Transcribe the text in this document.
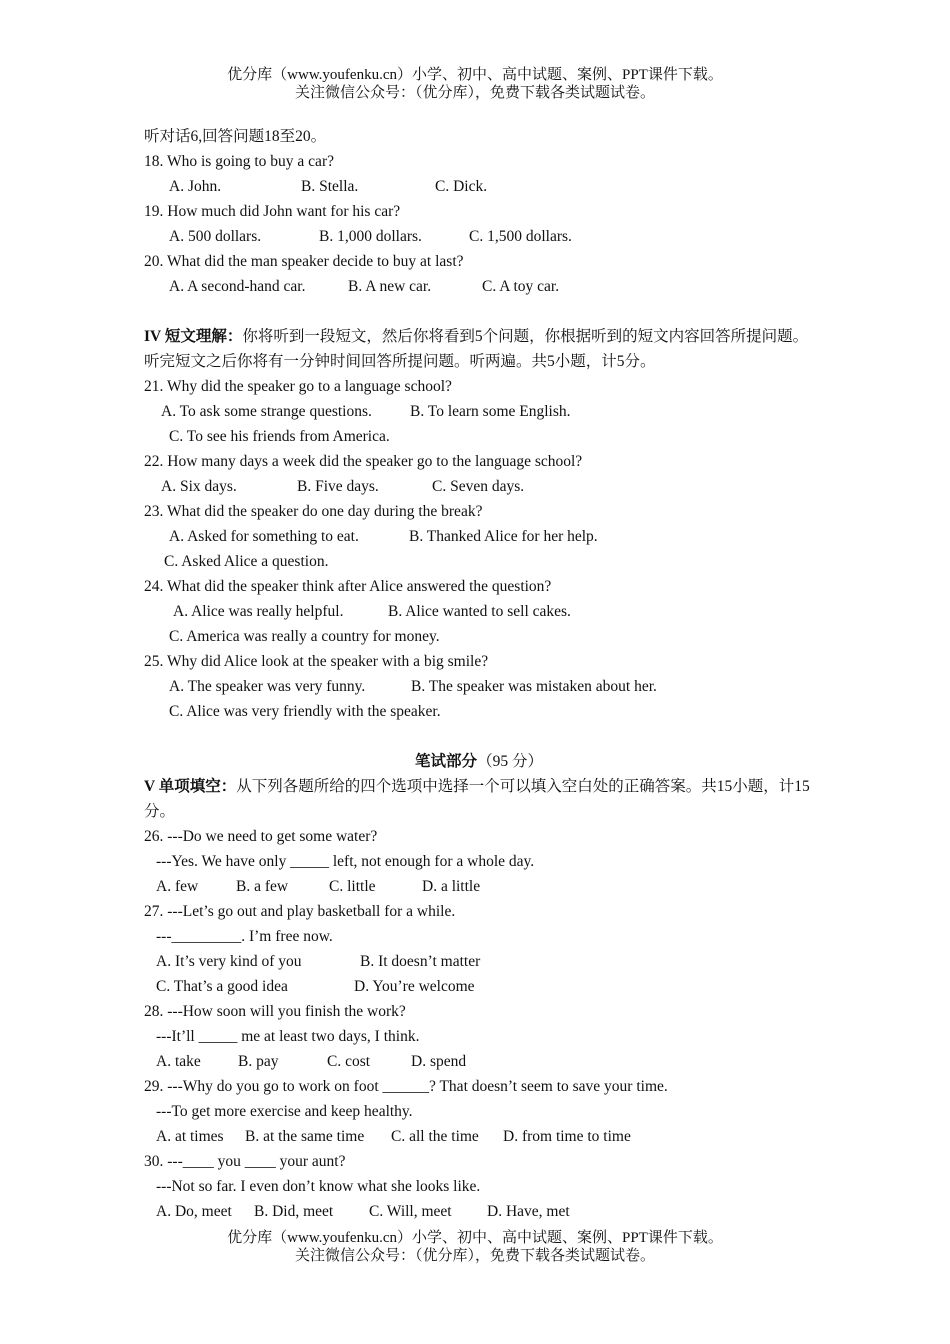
优分库（www.youfenku.cn）小学、初中、高中试题、案例、PPT课件下载。
关注微信公众号：（优分库），免费下载各类试题试卷。
听对话6,回答问题18至20。
18. Who is going to buy a car?
A. John.	B. Stella.	C. Dick.
19. How much did John want for his car?
A. 500 dollars.	B. 1,000 dollars.	C. 1,500 dollars.
20. What did the man speaker decide to buy at last?
A. A second-hand car.	B. A new car.	C. A toy car.
IV 短文理解：你将听到一段短文，然后你将看到5个问题，你根据听到的短文内容回答所提问题。听完短文之后你将有一分钟时间回答所提问题。听两遍。共5小题，计5分。
21. Why did the speaker go to a language school?
A. To ask some strange questions. B. To learn some English.
C. To see his friends from America.
22. How many days a week did the speaker go to the language school?
A. Six days.	B. Five days.	C. Seven days.
23. What did the speaker do one day during the break?
A. Asked for something to eat.	B. Thanked Alice for her help.
C. Asked Alice a question.
24. What did the speaker think after Alice answered the question?
A. Alice was really helpful.	B. Alice wanted to sell cakes.
C. America was really a country for money.
25. Why did Alice look at the speaker with a big smile?
A. The speaker was very funny.	B. The speaker was mistaken about her.
C. Alice was very friendly with the speaker.
笔试部分（95 分）
V 单项填空：从下列各题所给的四个选项中选择一个可以填入空白处的正确答案。共15小题，计15分。
26. ---Do we need to get some water?
---Yes. We have only _____ left, not enough for a whole day.
A. few B. a few	C. little	D. a little
27. ---Let’s go out and play basketball for a while.
---_________. I’m free now.
A. It’s very kind of you	B. It doesn’t matter
C. That’s a good idea	D. You’re welcome
28. ---How soon will you finish the work?
---It’ll _____ me at least two days, I think.
A. take B. pay	C. cost	D. spend
29. ---Why do you go to work on foot ______? That doesn’t seem to save your time.
---To get more exercise and keep healthy.
A. at times B. at the same time C. all the time D. from time to time
30. ---____ you ____ your aunt?
---Not so far. I even don’t know what she looks like.
A. Do, meet B. Did, meet C. Will, meet D. Have, met
优分库（www.youfenku.cn）小学、初中、高中试题、案例、PPT课件下载。
关注微信公众号：（优分库），免费下载各类试题试卷。
